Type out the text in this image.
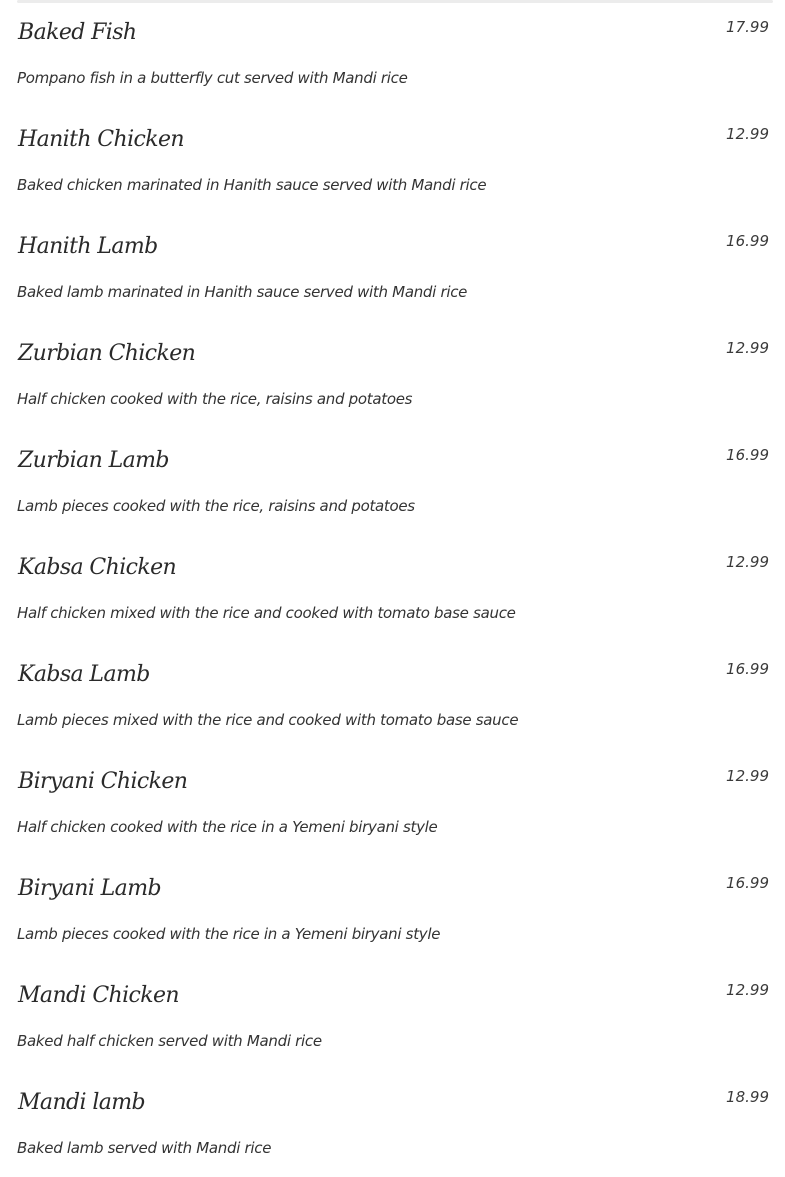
Baked Fish	17.99
Pompano fish in a butterfly cut served with Mandi rice
Hanith Chicken	12.99
Baked chicken marinated in Hanith sauce served with Mandi rice
Hanith Lamb	16.99
Baked lamb marinated in Hanith sauce served with Mandi rice
Zurbian Chicken	12.99
Half chicken cooked with the rice, raisins and potatoes
Zurbian Lamb	16.99
Lamb pieces cooked with the rice, raisins and potatoes
Kabsa Chicken	12.99
Half chicken mixed with the rice and cooked with tomato base sauce
Kabsa Lamb	16.99
Lamb pieces mixed with the rice and cooked with tomato base sauce
Biryani Chicken	12.99
Half chicken cooked with the rice in a Yemeni biryani style
Biryani Lamb	16.99
Lamb pieces cooked with the rice in a Yemeni biryani style
Mandi Chicken	12.99
Baked half chicken served with Mandi rice
Mandi lamb	18.99
Baked lamb served with Mandi rice
